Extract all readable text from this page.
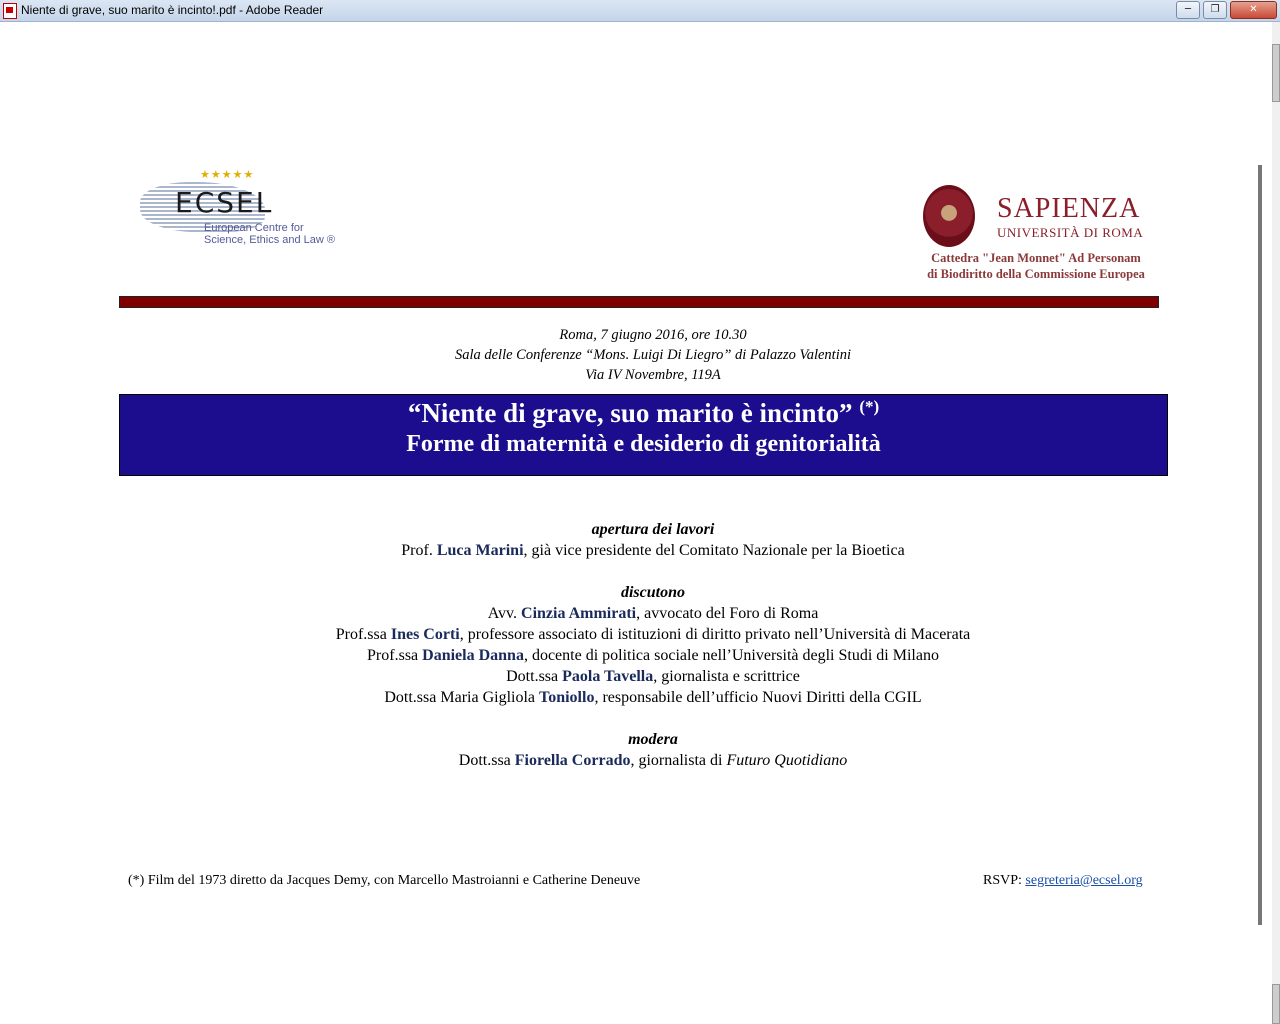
Niente di grave, suo marito è incinto!.pdf - Adobe Reader	─	❐	✕
★★★★★
ECSEL
European Centre for
Science, Ethics and Law ®
SAPIENZA
UNIVERSITÀ DI ROMA
Cattedra "Jean Monnet" Ad Personam
di Biodiritto della Commissione Europea
Roma, 7 giugno 2016, ore 10.30
Sala delle Conferenze “Mons. Luigi Di Liegro” di Palazzo Valentini
Via IV Novembre, 119A
“Niente di grave, suo marito è incinto” (*)
Forme di maternità e desiderio di genitorialità
apertura dei lavori
Prof. Luca Marini, già vice presidente del Comitato Nazionale per la Bioetica
discutono
Avv. Cinzia Ammirati, avvocato del Foro di Roma
Prof.ssa Ines Corti, professore associato di istituzioni di diritto privato nell’Università di Macerata
Prof.ssa Daniela Danna, docente di politica sociale nell’Università degli Studi di Milano
Dott.ssa Paola Tavella, giornalista e scrittrice
Dott.ssa Maria Gigliola Toniollo, responsabile dell’ufficio Nuovi Diritti della CGIL
modera
Dott.ssa Fiorella Corrado, giornalista di Futuro Quotidiano
(*) Film del 1973 diretto da Jacques Demy, con Marcello Mastroianni e Catherine Deneuve	RSVP: segreteria@ecsel.org
